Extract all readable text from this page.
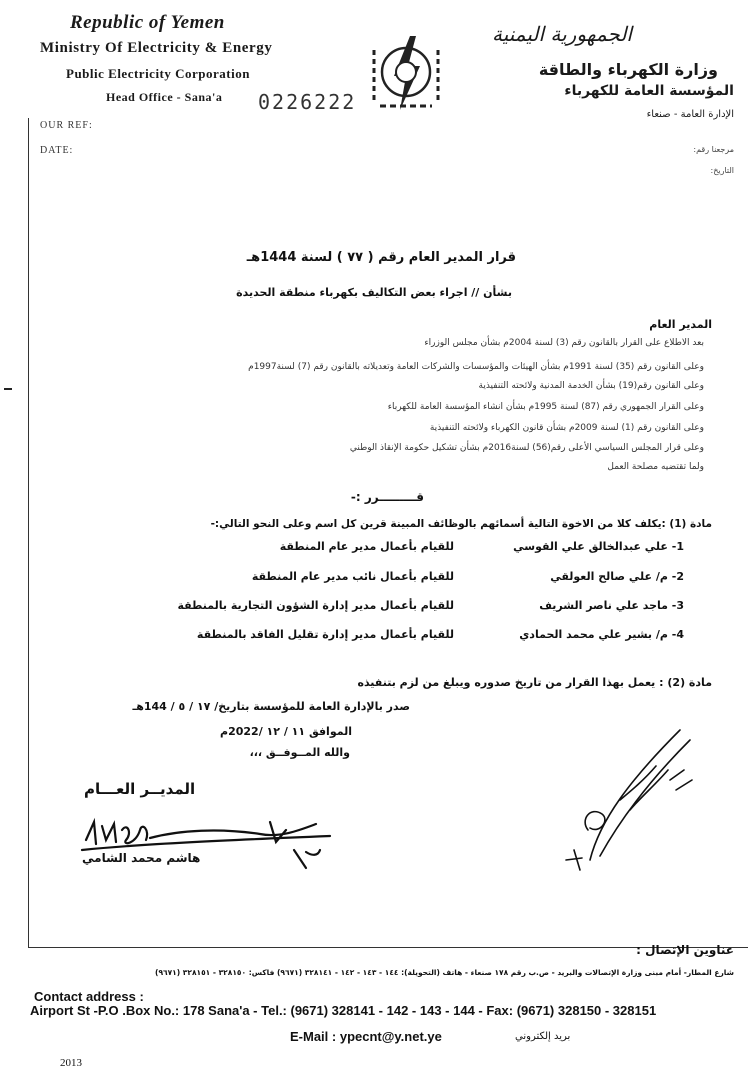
Republic of Yemen
Ministry Of Electricity & Energy
Public Electricity Corporation
Head Office - Sana'a 0226222
الجمهورية اليمنية
وزارة الكهرباء والطاقة
المؤسسة العامة للكهرباء
الإدارة العامة - صنعاء
OUR REF:
DATE:	مرجعنا رقم:
التاريخ:
قرار المدير العام رقم ( ٧٧ ) لسنة 1444هـ
بشأن // اجراء بعض التكاليف بكهرباء منطقة الحديدة
المدير العام
بعد الاطلاع على القرار بالقانون رقم (3) لسنة 2004م بشأن مجلس الوزراء
وعلى القانون رقم (35) لسنة 1991م بشأن الهيئات والمؤسسات والشركات العامة وتعديلاته بالقانون رقم (7) لسنة1997م
وعلى القانون رقم(19) بشأن الخدمة المدنية ولائحته التنفيذية
وعلى القرار الجمهوري رقم (87) لسنة 1995م بشأن انشاء المؤسسة العامة للكهرباء
وعلى القانون رقم (1) لسنة 2009م بشأن قانون الكهرباء ولائحته التنفيذية
وعلى قرار المجلس السياسي الأعلى رقم(56) لسنة2016م بشأن تشكيل حكومة الإنقاذ الوطني
ولما تقتضيه مصلحة العمل
قـــــــــرر :-
مادة (1) :يكلف كلا من الاخوة التالية أسمائهم بالوظائف المبينة قرين كل اسم وعلى النحو التالي:-
1- علي عبدالخالق علي القوسي
للقيام بأعمال مدير عام المنطقة
2- م/ علي صالح العولقي
للقيام بأعمال نائب مدير عام المنطقة
3- ماجد علي ناصر الشريف
للقيام بأعمال مدير إدارة الشؤون التجارية بالمنطقة
4- م/ بشير علي محمد الحمادي
للقيام بأعمال مدير إدارة تقليل الفاقد بالمنطقة
مادة (2) : يعمل بهذا القرار من تاريخ صدوره ويبلغ من لزم بتنفيذه
صدر بالإدارة العامة للمؤسسة بتاريخ/ ١٧ / ٥ / 144هـ
الموافق ١١ / ١٢ /2022م
والله المــوفــق ،،،
المديــر العـــام
هاشم محمد الشامي
عناوين الإتصال :
شارع المطار- أمام مبنى وزارة الإتصالات والبريد - ص.ب رقم ١٧٨ صنعاء - هاتف (التحويلة): ١٤٤ - ١٤٣ - ١٤٢ - ٣٢٨١٤١ (٩٦٧١) فاكس: ٣٢٨١٥٠ - ٣٢٨١٥١ (٩٦٧١)
Contact address :
Airport St -P.O .Box No.: 178 Sana'a - Tel.: (9671) 328141 - 142 - 143 - 144 - Fax: (9671) 328150 - 328151
E-Mail : ypecnt@y.net.ye	بريد إلكتروني
2013
